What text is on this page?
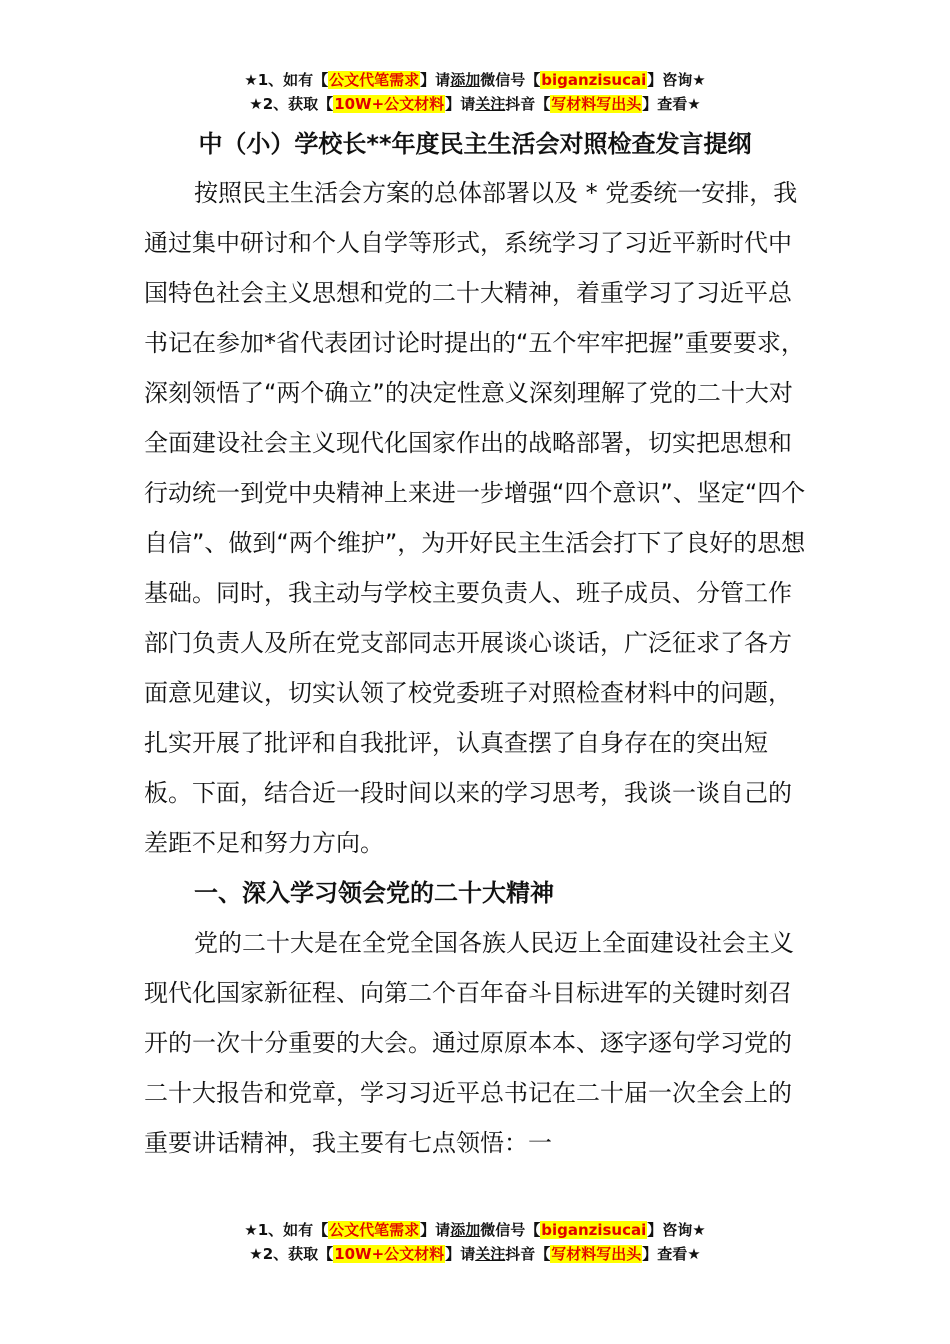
★1、如有【公文代笔需求】请添加微信号【biganzisucai】咨询★
★2、获取【10W+公文材料】请关注抖音【写材料写出头】查看★
中（小）学校长**年度民主生活会对照检查发言提纲

按照民主生活会方案的总体部署以及 * 党委统一安排，我通过集中研讨和个人自学等形式，系统学习了习近平新时代中国特色社会主义思想和党的二十大精神，着重学习了习近平总书记在参加*省代表团讨论时提出的“五个牢牢把握”重要要求，深刻领悟了“两个确立”的决定性意义深刻理解了党的二十大对全面建设社会主义现代化国家作出的战略部署，切实把思想和行动统一到党中央精神上来进一步增强“四个意识”、坚定“四个自信”、做到“两个维护”，为开好民主生活会打下了良好的思想基础。同时，我主动与学校主要负责人、班子成员、分管工作部门负责人及所在党支部同志开展谈心谈话，广泛征求了各方面意见建议，切实认领了校党委班子对照检查材料中的问题，扎实开展了批评和自我批评，认真查摆了自身存在的突出短板。下面，结合近一段时间以来的学习思考，我谈一谈自己的差距不足和努力方向。

一、深入学习领会党的二十大精神

党的二十大是在全党全国各族人民迈上全面建设社会主义现代化国家新征程、向第二个百年奋斗目标进军的关键时刻召开的一次十分重要的大会。通过原原本本、逐字逐句学习党的二十大报告和党章，学习习近平总书记在二十届一次全会上的重要讲话精神，我主要有七点领悟：一

★1、如有【公文代笔需求】请添加微信号【biganzisucai】咨询★
★2、获取【10W+公文材料】请关注抖音【写材料写出头】查看★
